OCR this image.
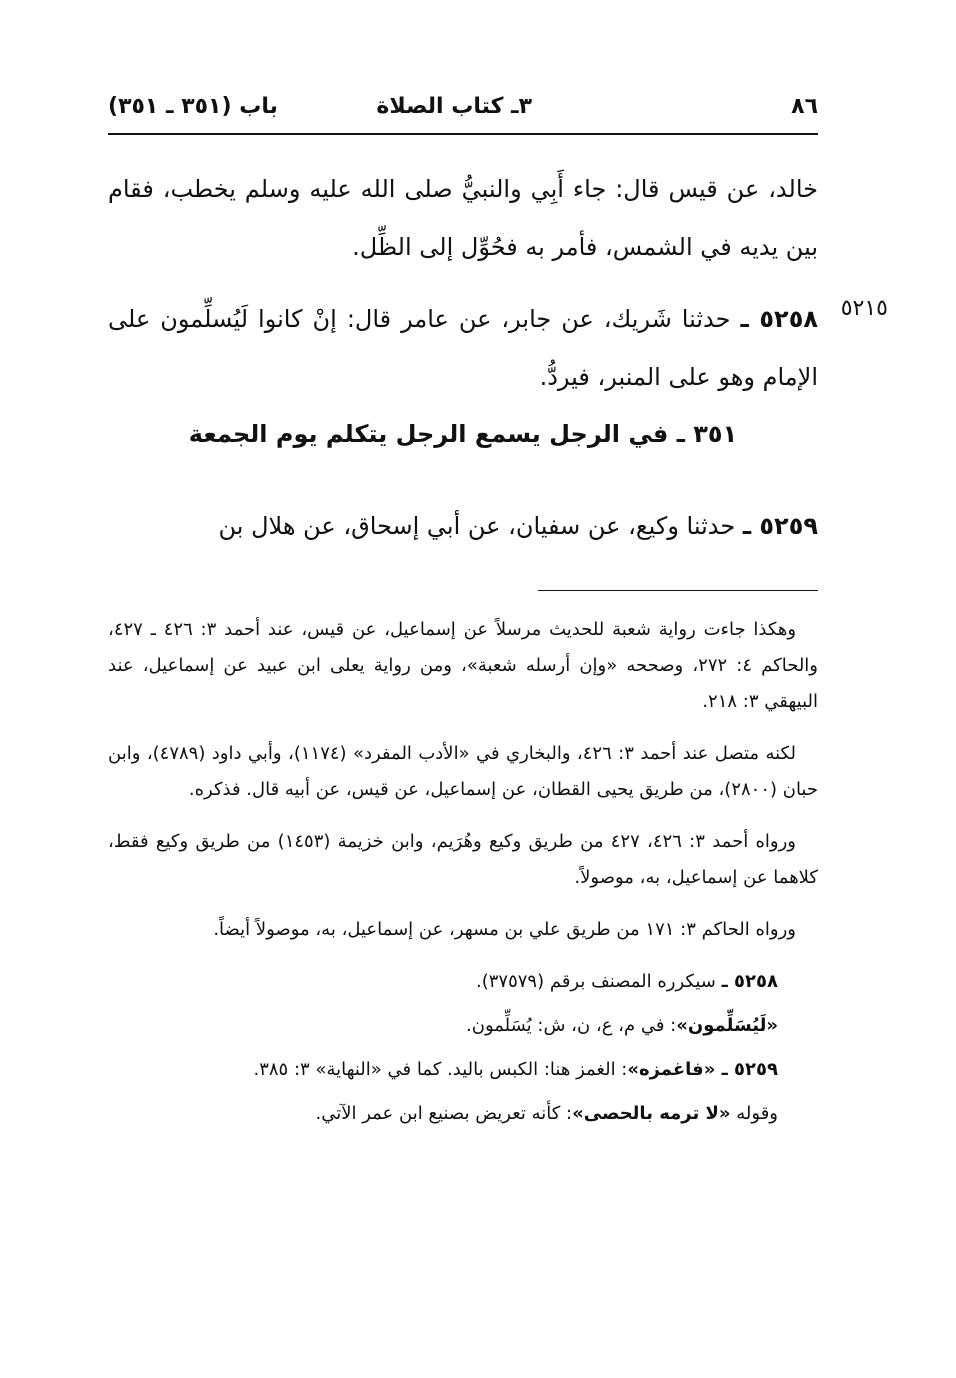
٨٦
٣ـ كتاب الصلاة
باب (٣٥١ ـ ٣٥١)

خالد، عن قيس قال: جاء أَبِي والنبيُّ صلى الله عليه وسلم يخطب، فقام بين يديه في الشمس، فأمر به فحُوِّل إلى الظِّل.

٥٢١٥

٥٢٥٨ ـ حدثنا شَريك، عن جابر، عن عامر قال: إنْ كانوا لَيُسلِّمون على الإمام وهو على المنبر، فيردُّ.

٣٥١ ـ في الرجل يسمع الرجل يتكلم يوم الجمعة

٥٢٥٩ ـ حدثنا وكيع، عن سفيان، عن أبي إسحاق، عن هلال بن

وهكذا جاءت رواية شعبة للحديث مرسلاً عن إسماعيل، عن قيس، عند أحمد ٣: ٤٢٦ ـ ٤٢٧، والحاكم ٤: ٢٧٢، وصححه «وإن أرسله شعبة»، ومن رواية يعلى ابن عبيد عن إسماعيل، عند البيهقي ٣: ٢١٨.

لكنه متصل عند أحمد ٣: ٤٢٦، والبخاري في «الأدب المفرد» (١١٧٤)، وأبي داود (٤٧٨٩)، وابن حبان (٢٨٠٠)، من طريق يحيى القطان، عن إسماعيل، عن قيس، عن أبيه قال. فذكره.

ورواه أحمد ٣: ٤٢٦، ٤٢٧ من طريق وكيع وهُرَيم، وابن خزيمة (١٤٥٣) من طريق وكيع فقط، كلاهما عن إسماعيل، به، موصولاً.

ورواه الحاكم ٣: ١٧١ من طريق علي بن مسهر، عن إسماعيل، به، موصولاً أيضاً.

٥٢٥٨ ـ سيكرره المصنف برقم (٣٧٥٧٩).

«لَيُسَلِّمون»: في م، ع، ن، ش: يُسَلِّمون.

٥٢٥٩ ـ «فاغمزه»: الغمز هنا: الكبس باليد. كما في «النهاية» ٣: ٣٨٥.

وقوله «لا ترمه بالحصى»: كأنه تعريض بصنيع ابن عمر الآتي.
